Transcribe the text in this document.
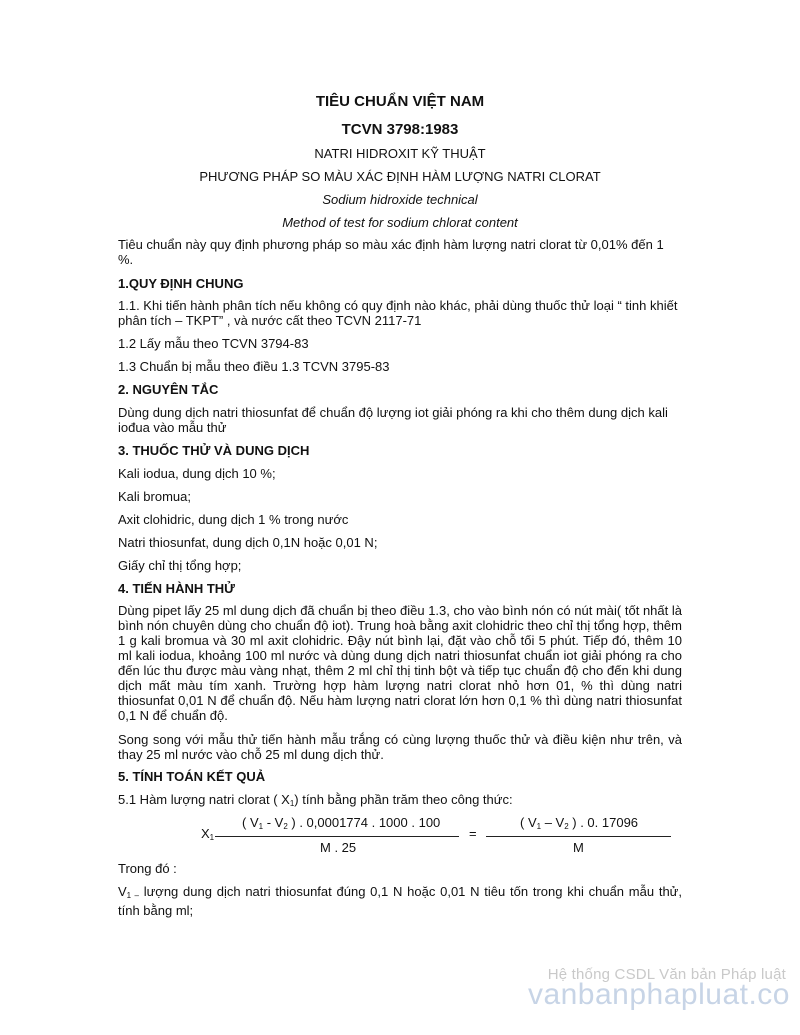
TIÊU CHUẨN VIỆT NAM
TCVN 3798:1983
NATRI HIDROXIT KỸ THUẬT
PHƯƠNG PHÁP SO MÀU XÁC ĐỊNH HÀM LƯỢNG NATRI CLORAT
Sodium hidroxide technical
Method of test for sodium chlorat content
Tiêu chuẩn này quy định phương pháp so màu xác định hàm lượng natri clorat từ 0,01% đến 1 %.
1.QUY ĐỊNH CHUNG
1.1. Khi tiến hành phân tích nếu không có quy định nào khác, phải dùng thuốc thử loại “ tinh khiết phân tích – TKPT” , và nước cất theo TCVN 2117-71
1.2 Lấy mẫu theo TCVN 3794-83
1.3 Chuẩn bị mẫu theo điều 1.3 TCVN 3795-83
2. NGUYÊN TẮC
Dùng dung dịch natri thiosunfat để chuẩn độ lượng iot giải phóng ra khi cho thêm dung dịch kali iođua vào mẫu thử
3. THUỐC THỬ VÀ DUNG DỊCH
Kali iodua, dung dịch 10 %;
Kali bromua;
Axit clohidric, dung dịch 1 % trong nước
Natri thiosunfat, dung dịch 0,1N hoặc 0,01 N;
Giấy chỉ thị tổng hợp;
4. TIẾN HÀNH THỬ
Dùng pipet lấy 25 ml dung dịch đã chuẩn bị theo điều 1.3, cho vào bình nón có nút mài( tốt nhất là bình nón chuyên dùng cho chuẩn độ iot). Trung hoà bằng axit clohidric theo chỉ thị tổng hợp, thêm 1 g kali bromua và 30 ml axit clohidric. Đậy nút bình lại, đặt vào chỗ tối 5 phút. Tiếp đó, thêm 10 ml kali iodua, khoảng 100 ml nước và dùng dung dịch natri thiosunfat chuẩn iot giải phóng ra cho đến lúc thu được màu vàng nhạt, thêm 2 ml chỉ thị tinh bột và tiếp tục chuẩn độ cho đến khi dung dịch mất màu tím xanh. Trường hợp hàm lượng natri clorat nhỏ hơn 01, % thì dùng natri thiosunfat 0,01 N để chuẩn độ. Nếu hàm lượng natri clorat lớn hơn 0,1 % thì dùng natri thiosunfat 0,1 N để chuẩn độ.
Song song với mẫu thử tiến hành mẫu trắng có cùng lượng thuốc thử và điều kiện như trên, và thay 25 ml nước vào chỗ 25 ml dung dịch thử.
5. TÍNH TOÁN KẾT QUẢ
5.1 Hàm lượng natri clorat ( $X_1$) tính bằng phần trăm theo công thức:
$X_1$
( $V_1 - V_2$ ) . 0,0001774 . 1000 . 100
M . 25
=
( $V_1 - V_2$ ) . 0. 17096
M
Trong đó :
$V_{1 -}$ lượng dung dịch natri thiosunfat đúng 0,1 N hoặc 0,01 N tiêu tốn trong khi chuẩn mẫu thử, tính bằng ml;
Hệ thống CSDL Văn bản Pháp luật
vanbanphapluat.co
